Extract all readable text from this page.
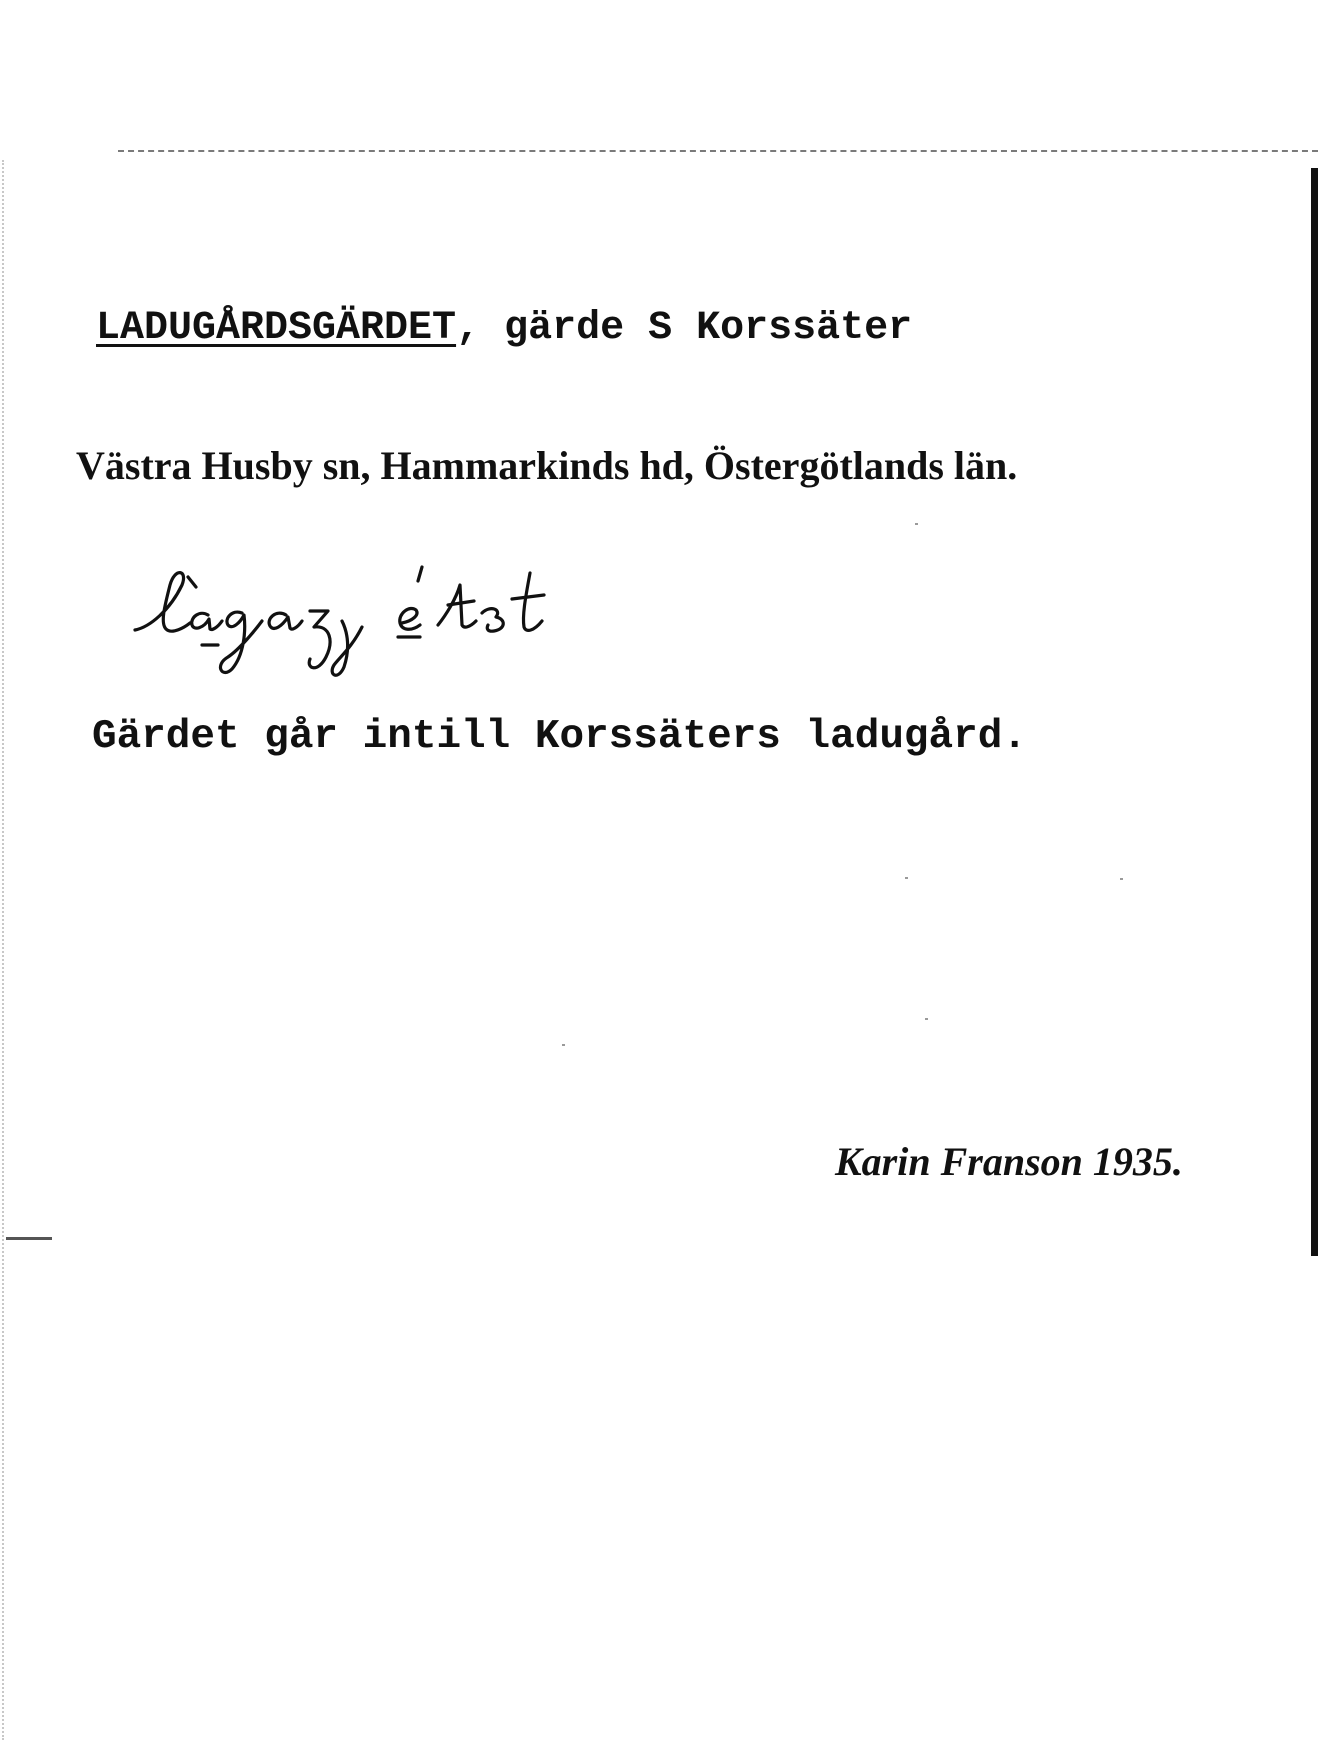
LADUGÅRDSGÄRDET, gärde S Korssäter

Västra Husby sn, Hammarkinds hd, Östergötlands län.

Gärdet går intill Korssäters ladugård.

Karin Franson 1935.
